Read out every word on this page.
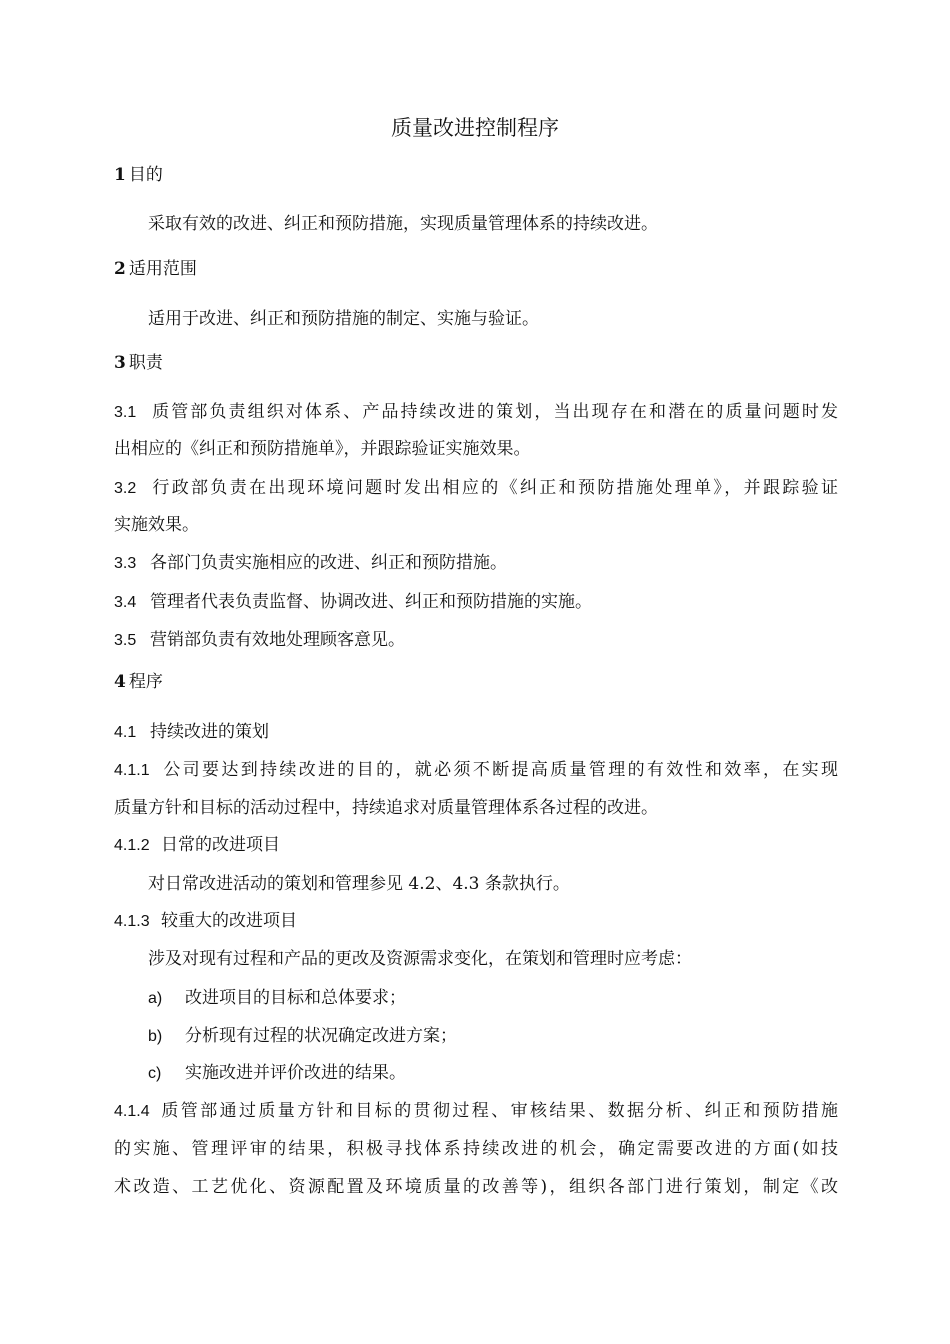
质量改进控制程序
1 目的
采取有效的改进、纠正和预防措施，实现质量管理体系的持续改进。
2 适用范围
适用于改进、纠正和预防措施的制定、实施与验证。
3 职责
3.1 质管部负责组织对体系、产品持续改进的策划，当出现存在和潜在的质量问题时发
出相应的《纠正和预防措施单》，并跟踪验证实施效果。
3.2 行政部负责在出现环境问题时发出相应的《纠正和预防措施处理单》，并跟踪验证
实施效果。
3.3 各部门负责实施相应的改进、纠正和预防措施。
3.4 管理者代表负责监督、协调改进、纠正和预防措施的实施。
3.5 营销部负责有效地处理顾客意见。
4 程序
4.1 持续改进的策划
4.1.1 公司要达到持续改进的目的，就必须不断提高质量管理的有效性和效率，在实现
质量方针和目标的活动过程中，持续追求对质量管理体系各过程的改进。
4.1.2 日常的改进项目
对日常改进活动的策划和管理参见 4.2、4.3 条款执行。
4.1.3 较重大的改进项目
涉及对现有过程和产品的更改及资源需求变化，在策划和管理时应考虑：
a) 改进项目的目标和总体要求；
b) 分析现有过程的状况确定改进方案；
c) 实施改进并评价改进的结果。
4.1.4 质管部通过质量方针和目标的贯彻过程、审核结果、数据分析、纠正和预防措施
的实施、管理评审的结果，积极寻找体系持续改进的机会，确定需要改进的方面(如技
术改造、工艺优化、资源配置及环境质量的改善等)，组织各部门进行策划，制定《改
